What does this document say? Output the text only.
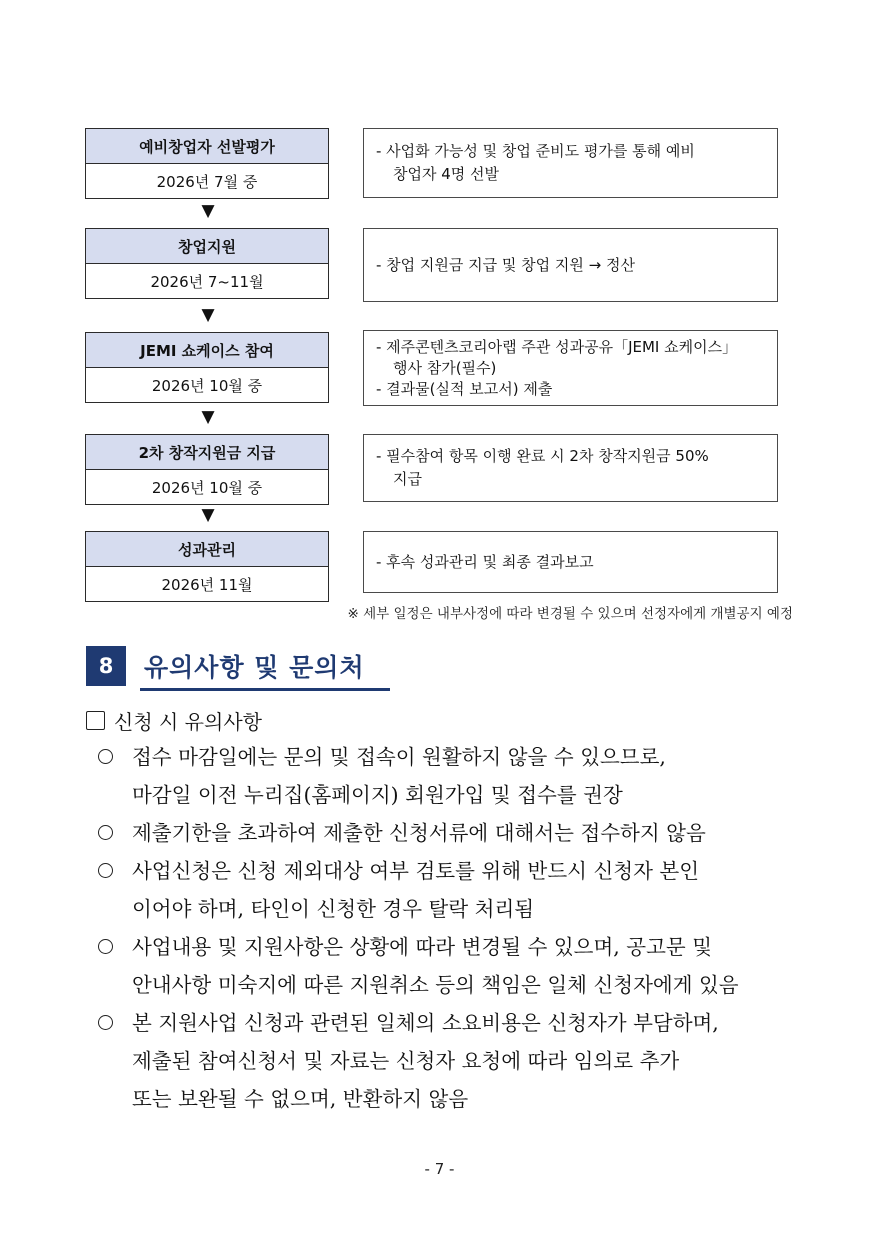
예비창업자 선발평가
2026년 7월 중
- 사업화 가능성 및 창업 준비도 평가를 통해 예비
창업자 4명 선발
▼
창업지원
2026년 7~11월
- 창업 지원금 지급 및 창업 지원 → 정산
▼
JEMI 쇼케이스 참여
2026년 10월 중
- 제주콘텐츠코리아랩 주관 성과공유「JEMI 쇼케이스」
행사 참가(필수)
- 결과물(실적 보고서) 제출
▼
2차 창작지원금 지급
2026년 10월 중
- 필수참여 항목 이행 완료 시 2차 창작지원금 50%
지급
▼
성과관리
2026년 11월
- 후속 성과관리 및 최종 결과보고
※ 세부 일정은 내부사정에 따라 변경될 수 있으며 선정자에게 개별공지 예정
8	유의사항 및 문의처
신청 시 유의사항
접수 마감일에는 문의 및 접속이 원활하지 않을 수 있으므로,
마감일 이전 누리집(홈페이지) 회원가입 및 접수를 권장
제출기한을 초과하여 제출한 신청서류에 대해서는 접수하지 않음
사업신청은 신청 제외대상 여부 검토를 위해 반드시 신청자 본인
이어야 하며, 타인이 신청한 경우 탈락 처리됨
사업내용 및 지원사항은 상황에 따라 변경될 수 있으며, 공고문 및
안내사항 미숙지에 따른 지원취소 등의 책임은 일체 신청자에게 있음
본 지원사업 신청과 관련된 일체의 소요비용은 신청자가 부담하며,
제출된 참여신청서 및 자료는 신청자 요청에 따라 임의로 추가
또는 보완될 수 없으며, 반환하지 않음
- 7 -
